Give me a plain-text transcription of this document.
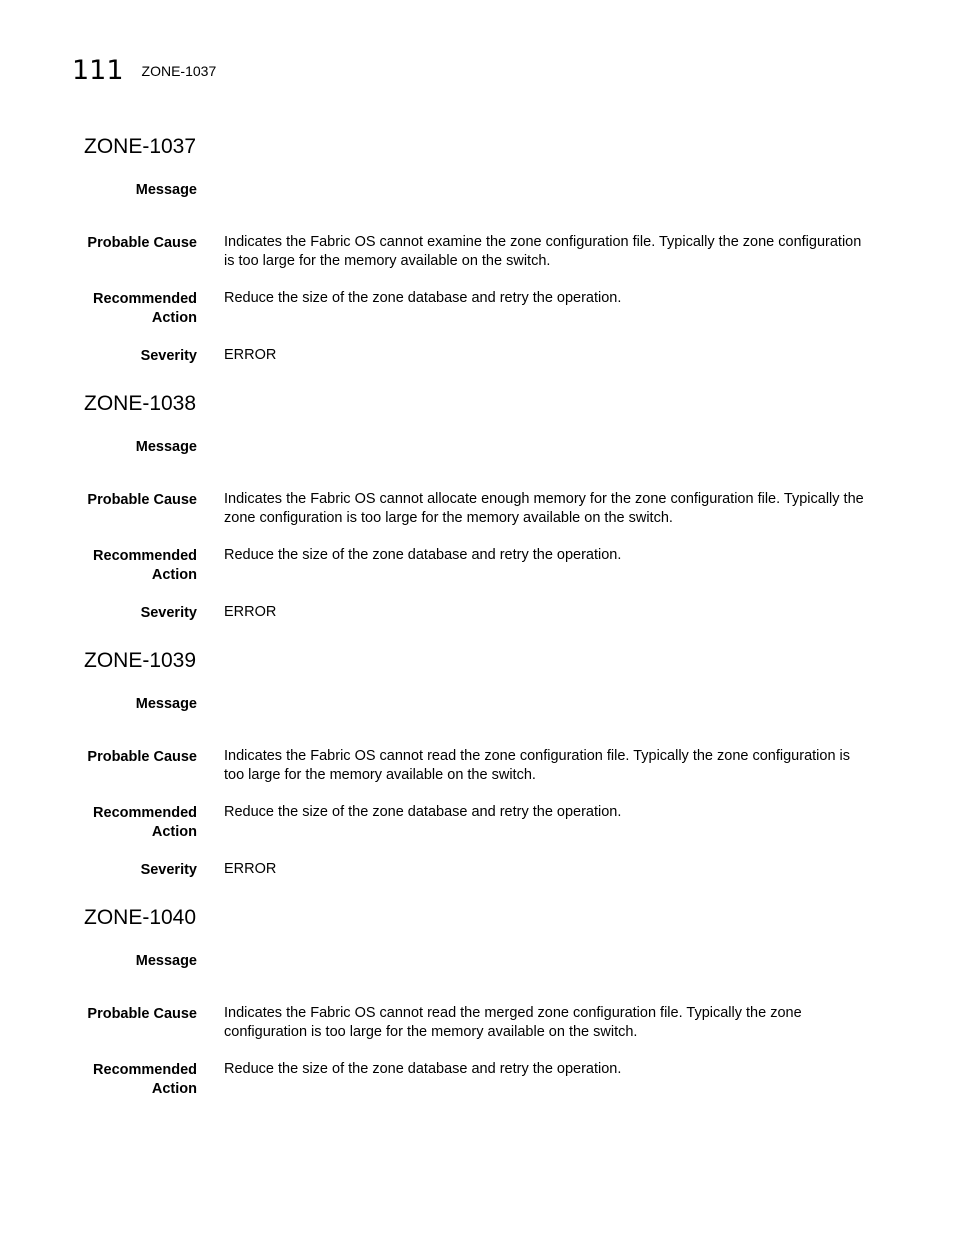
111 ZONE-1037
ZONE-1037
Message
Probable Cause Indicates the Fabric OS cannot examine the zone configuration file. Typically the zone configuration is too large for the memory available on the switch.
Recommended
Action
Reduce the size of the zone database and retry the operation.
Severity ERROR
ZONE-1038
Message
Probable Cause Indicates the Fabric OS cannot allocate enough memory for the zone configuration file. Typically the zone configuration is too large for the memory available on the switch.
Recommended
Action
Reduce the size of the zone database and retry the operation.
Severity ERROR
ZONE-1039
Message
Probable Cause Indicates the Fabric OS cannot read the zone configuration file. Typically the zone configuration is too large for the memory available on the switch.
Recommended
Action
Reduce the size of the zone database and retry the operation.
Severity ERROR
ZONE-1040
Message
Probable Cause Indicates the Fabric OS cannot read the merged zone configuration file. Typically the zone configuration is too large for the memory available on the switch.
Recommended
Action
Reduce the size of the zone database and retry the operation.
